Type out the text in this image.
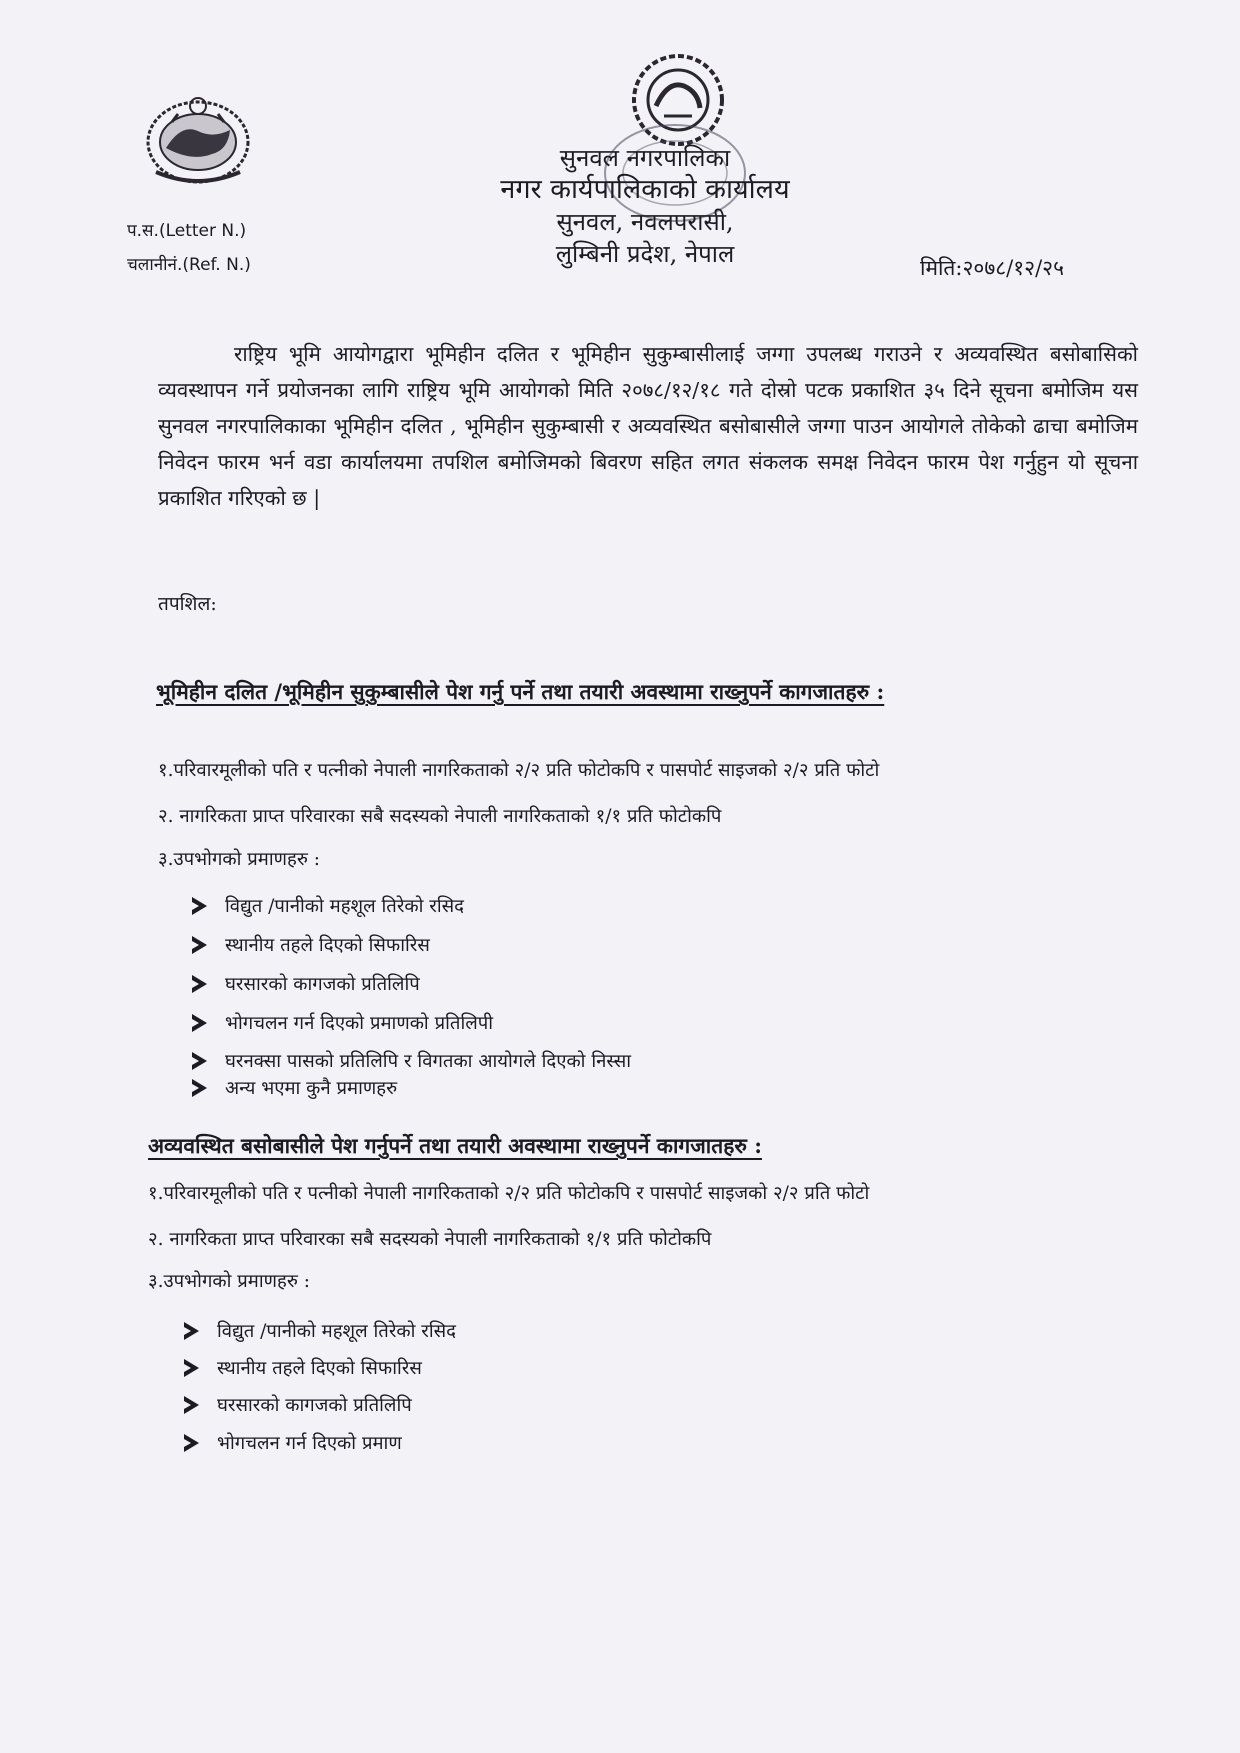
सुनवल नगरपालिका
नगर कार्यपालिकाको कार्यालय
सुनवल, नवलपरासी,
लुम्बिनी प्रदेश, नेपाल
प.स.(Letter N.)
चलानीनं.(Ref. N.)	मिति:२०७८/१२/२५
राष्ट्रिय भूमि आयोगद्वारा भूमिहीन दलित र भूमिहीन सुकुम्बासीलाई जग्गा उपलब्ध गराउने र अव्यवस्थित बसोबासिको व्यवस्थापन गर्ने प्रयोजनका लागि राष्ट्रिय भूमि आयोगको मिति २०७८/१२/१८ गते दोस्रो पटक प्रकाशित ३५ दिने सूचना बमोजिम यस सुनवल नगरपालिकाका भूमिहीन दलित , भूमिहीन सुकुम्बासी र अव्यवस्थित बसोबासीले जग्गा पाउन आयोगले तोकेको ढाचा बमोजिम निवेदन फारम भर्न वडा कार्यालयमा तपशिल बमोजिमको बिवरण सहित लगत संकलक समक्ष निवेदन फारम पेश गर्नुहुन यो सूचना प्रकाशित गरिएको छ |
तपशिल:
भूमिहीन दलित /भूमिहीन सुकुम्बासीले पेश गर्नु पर्ने तथा तयारी अवस्थामा राख्नुपर्ने कागजातहरु :
१.परिवारमूलीको पति र पत्नीको नेपाली नागरिकताको २/२ प्रति फोटोकपि र पासपोर्ट साइजको २/२ प्रति फोटो
२. नागरिकता प्राप्त परिवारका सबै सदस्यको नेपाली नागरिकताको १/१ प्रति फोटोकपि
३.उपभोगको प्रमाणहरु :
विद्युत /पानीको महशूल तिरेको रसिद
स्थानीय तहले दिएको सिफारिस
घरसारको कागजको प्रतिलिपि
भोगचलन गर्न दिएको प्रमाणको प्रतिलिपी
घरनक्सा पासको प्रतिलिपि र विगतका आयोगले दिएको निस्सा
अन्य भएमा कुनै प्रमाणहरु
अव्यवस्थित बसोबासीले पेश गर्नुपर्ने तथा तयारी अवस्थामा राख्नुपर्ने कागजातहरु :
१.परिवारमूलीको पति र पत्नीको नेपाली नागरिकताको २/२ प्रति फोटोकपि र पासपोर्ट साइजको २/२ प्रति फोटो
२. नागरिकता प्राप्त परिवारका सबै सदस्यको नेपाली नागरिकताको १/१ प्रति फोटोकपि
३.उपभोगको प्रमाणहरु :
विद्युत /पानीको महशूल तिरेको रसिद
स्थानीय तहले दिएको सिफारिस
घरसारको कागजको प्रतिलिपि
भोगचलन गर्न दिएको प्रमाण
